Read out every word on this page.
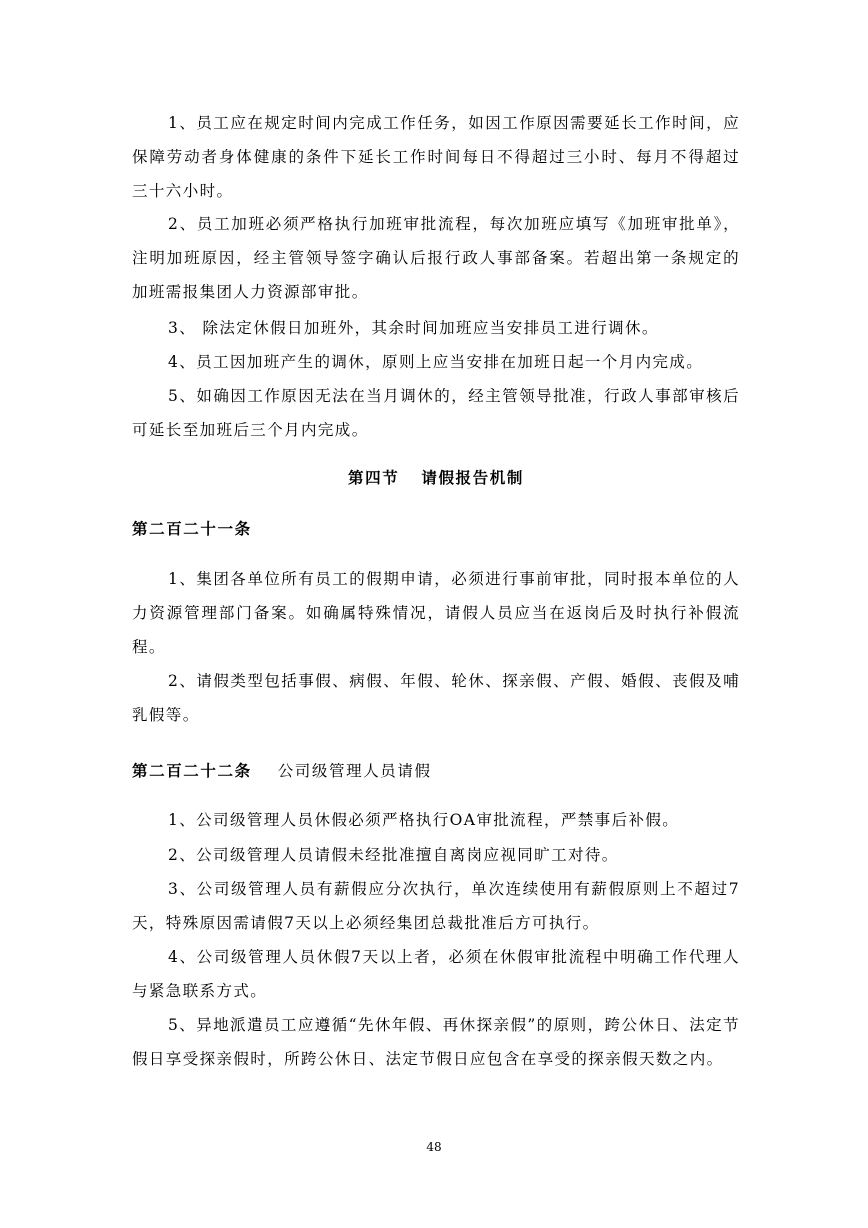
1、员工应在规定时间内完成工作任务，如因工作原因需要延长工作时间，应保障劳动者身体健康的条件下延长工作时间每日不得超过三小时、每月不得超过三十六小时。

2、员工加班必须严格执行加班审批流程，每次加班应填写《加班审批单》，注明加班原因，经主管领导签字确认后报行政人事部备案。若超出第一条规定的加班需报集团人力资源部审批。

3、 除法定休假日加班外，其余时间加班应当安排员工进行调休。

4、员工因加班产生的调休，原则上应当安排在加班日起一个月内完成。

5、如确因工作原因无法在当月调休的，经主管领导批准，行政人事部审核后可延长至加班后三个月内完成。

第四节 请假报告机制

第二百二十一条

1、集团各单位所有员工的假期申请，必须进行事前审批，同时报本单位的人力资源管理部门备案。如确属特殊情况，请假人员应当在返岗后及时执行补假流程。

2、请假类型包括事假、病假、年假、轮休、探亲假、产假、婚假、丧假及哺乳假等。

第二百二十二条 公司级管理人员请假

1、公司级管理人员休假必须严格执行OA审批流程，严禁事后补假。

2、公司级管理人员请假未经批准擅自离岗应视同旷工对待。

3、公司级管理人员有薪假应分次执行，单次连续使用有薪假原则上不超过7天，特殊原因需请假7天以上必须经集团总裁批准后方可执行。

4、公司级管理人员休假7天以上者，必须在休假审批流程中明确工作代理人与紧急联系方式。

5、异地派遣员工应遵循“先休年假、再休探亲假”的原则，跨公休日、法定节假日享受探亲假时，所跨公休日、法定节假日应包含在享受的探亲假天数之内。

48
